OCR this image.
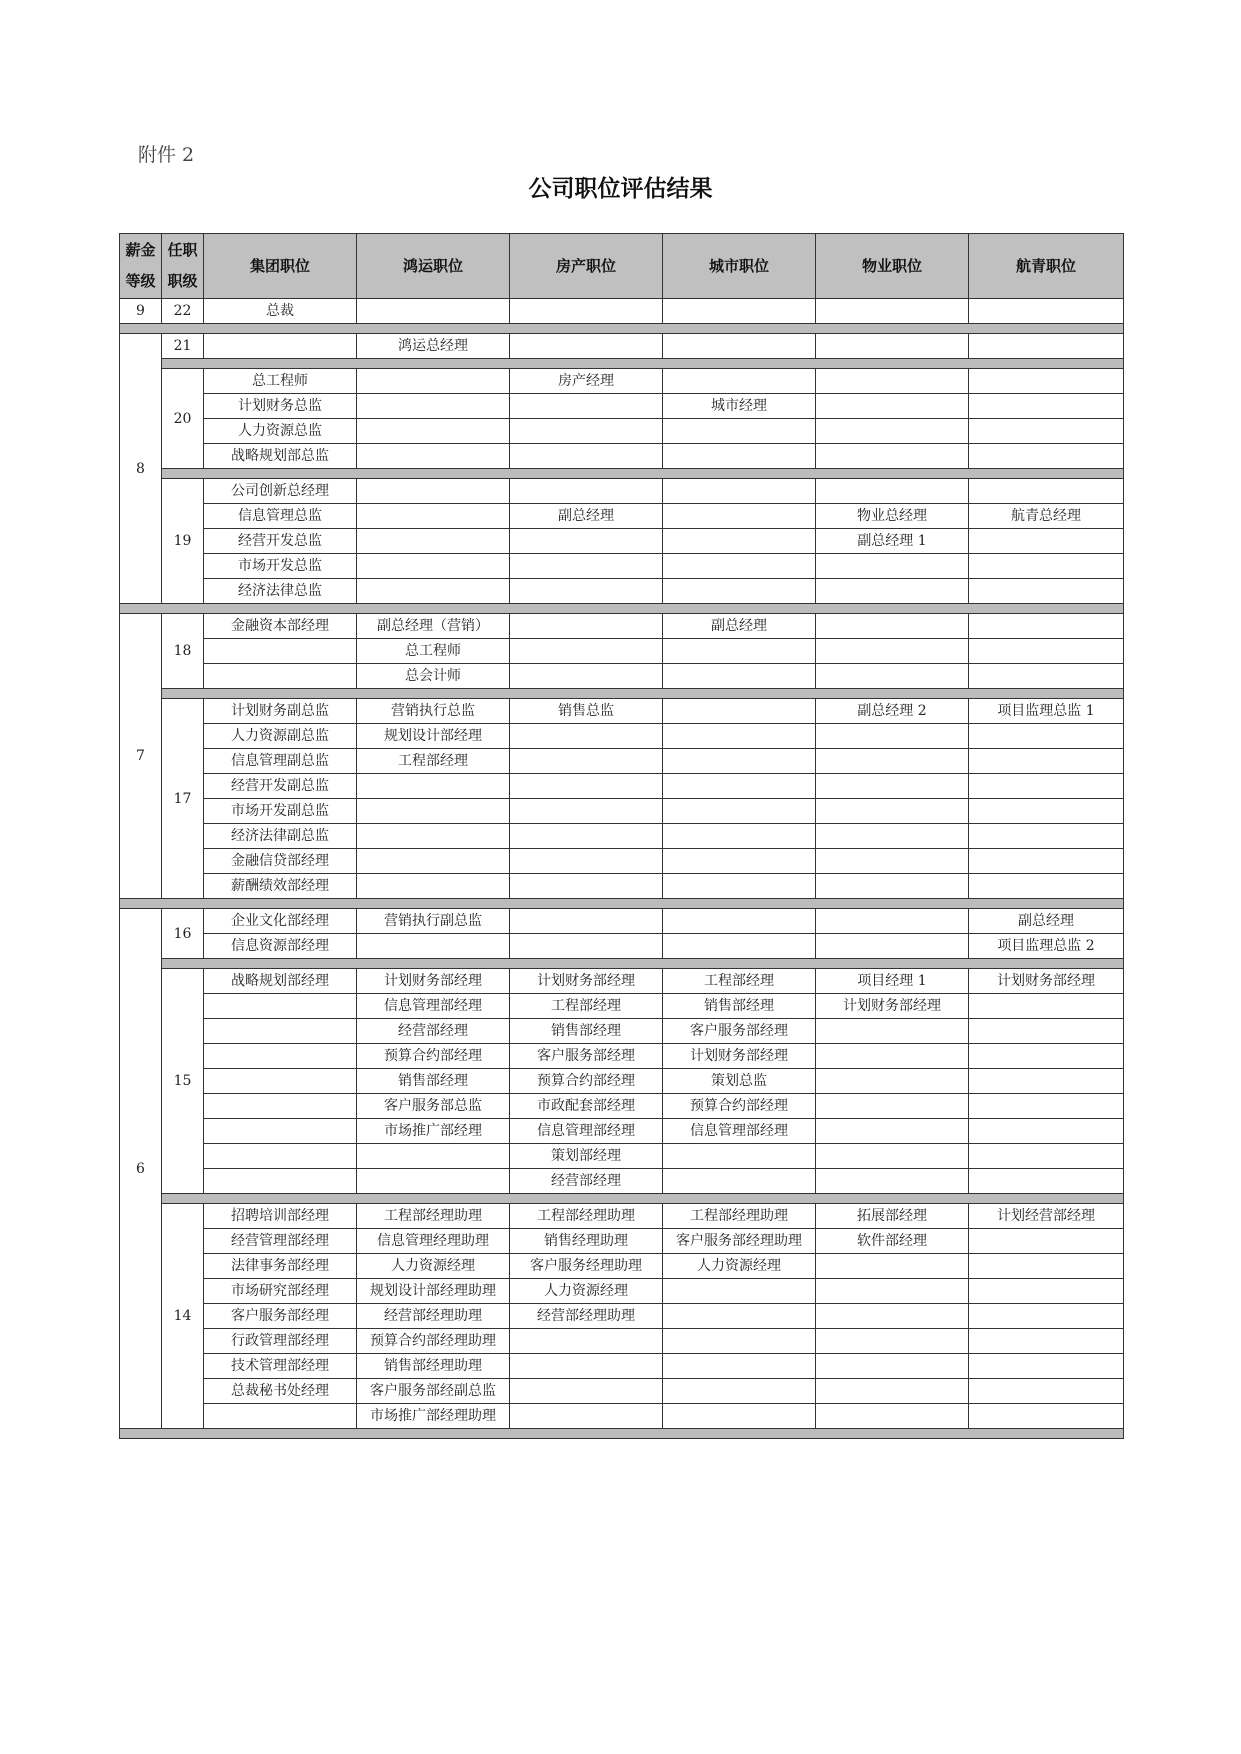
附件 2
公司职位评估结果
薪金等级	任职职级	集团职位	鸿运职位	房产职位	城市职位	物业职位	航青职位
9	22	总裁					

8	21		鸿运总经理				

	20	总工程师		房产经理			
		计划财务总监			城市经理		
		人力资源总监					
		战略规划部总监					

	19	公司创新总经理					
		信息管理总监		副总经理		物业总经理	航青总经理
		经营开发总监				副总经理 1	
		市场开发总监					
		经济法律总监					

7	18	金融资本部经理	副总经理（营销）		副总经理		
			总工程师				
			总会计师				

	17	计划财务副总监	营销执行总监	销售总监		副总经理 2	项目监理总监 1
		人力资源副总监	规划设计部经理				
		信息管理副总监	工程部经理				
		经营开发副总监					
		市场开发副总监					
		经济法律副总监					
		金融信贷部经理					
		薪酬绩效部经理					

6	16	企业文化部经理	营销执行副总监				副总经理
		信息资源部经理					项目监理总监 2

	15	战略规划部经理	计划财务部经理	计划财务部经理	工程部经理	项目经理 1	计划财务部经理
			信息管理部经理	工程部经理	销售部经理	计划财务部经理	
			经营部经理	销售部经理	客户服务部经理		
			预算合约部经理	客户服务部经理	计划财务部经理		
			销售部经理	预算合约部经理	策划总监		
			客户服务部总监	市政配套部经理	预算合约部经理		
			市场推广部经理	信息管理部经理	信息管理部经理		
				策划部经理			
				经营部经理			

	14	招聘培训部经理	工程部经理助理	工程部经理助理	工程部经理助理	拓展部经理	计划经营部经理
		经营管理部经理	信息管理经理助理	销售经理助理	客户服务部经理助理	软件部经理	
		法律事务部经理	人力资源经理	客户服务经理助理	人力资源经理		
		市场研究部经理	规划设计部经理助理	人力资源经理			
		客户服务部经理	经营部经理助理	经营部经理助理			
		行政管理部经理	预算合约部经理助理				
		技术管理部经理	销售部经理助理				
		总裁秘书处经理	客户服务部经副总监				
			市场推广部经理助理				
